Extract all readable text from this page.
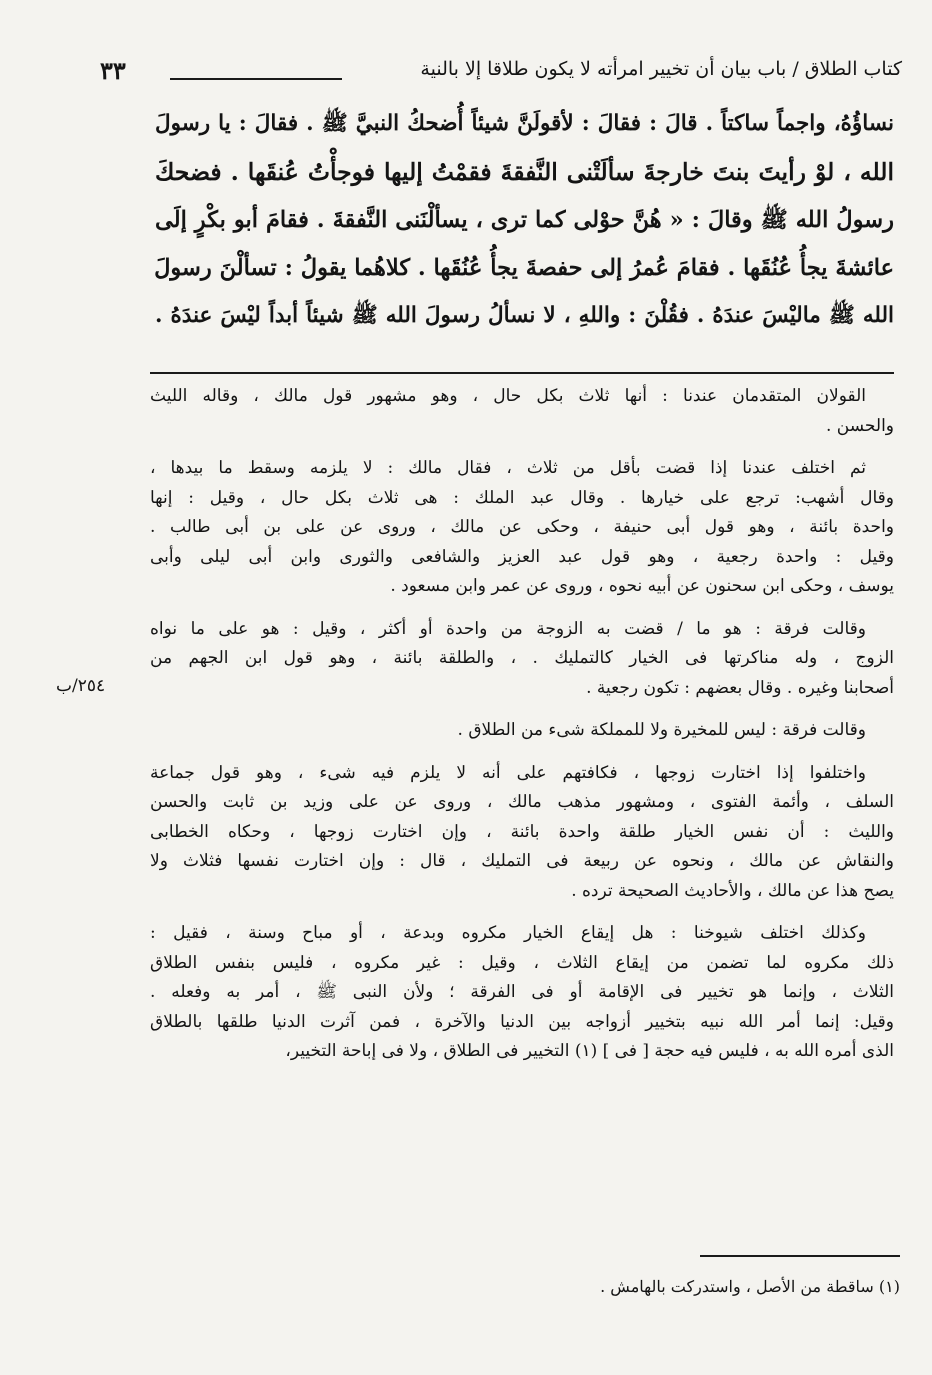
كتاب الطلاق / باب بيان أن تخيير امرأته لا يكون طلاقا إلا بالنية
٣٣
نساؤُهُ، واجماً ساكتاً . قالَ : فقالَ : لأقولَنَّ شيئاً أُضحكُ النبيَّ ﷺ . فقالَ : يا رسولَ
الله ، لوْ رأيتَ بنتَ خارجةَ سألَتْنى النَّفقةَ فقمْتُ إليها فوجأْتُ عُنقَها . فضحكَ
رسولُ الله ﷺ وقالَ : « هُنَّ حوْلى كما ترى ، يسألْنَنى النَّفقةَ . فقامَ أبو بكْرٍ إلَى
عائشةَ يجأُ عُنُقَها . فقامَ عُمرُ إلى حفصةَ يجأُ عُنُقَها . كلاهُما يقولُ : تسألْنَ رسولَ
الله ﷺ ماليْسَ عندَهُ . فقُلْنَ : واللهِ ، لا نسألُ رسولَ الله ﷺ شيئاً أبداً ليْسَ عندَهُ .
القولان المتقدمان عندنا : أنها ثلاث بكل حال ، وهو مشهور قول مالك ، وقاله الليث
والحسن .
ثم اختلف عندنا إذا قضت بأقل من ثلاث ، فقال مالك : لا يلزمه وسقط ما بيدها ،
وقال أشهب: ترجع على خيارها . وقال عبد الملك : هى ثلاث بكل حال ، وقيل : إنها
واحدة بائنة ، وهو قول أبى حنيفة ، وحكى عن مالك ، وروى عن على بن أبى طالب .
وقيل : واحدة رجعية ، وهو قول عبد العزيز والشافعى والثورى وابن أبى ليلى وأبى
يوسف ، وحكى ابن سحنون عن أبيه نحوه ، وروى عن عمر وابن مسعود .
وقالت فرقة : هو ما / قضت به الزوجة من واحدة أو أكثر ، وقيل : هو على ما نواه
الزوج ، وله مناكرتها فى الخيار كالتمليك . ، والطلقة بائنة ، وهو قول ابن الجهم من
أصحابنا وغيره . وقال بعضهم : تكون رجعية .
وقالت فرقة : ليس للمخيرة ولا للمملكة شىء من الطلاق .
واختلفوا إذا اختارت زوجها ، فكافتهم على أنه لا يلزم فيه شىء ، وهو قول جماعة
السلف ، وأئمة الفتوى ، ومشهور مذهب مالك ، وروى عن على وزيد بن ثابت والحسن
والليث : أن نفس الخيار طلقة واحدة بائنة ، وإن اختارت زوجها ، وحكاه الخطابى
والنقاش عن مالك ، ونحوه عن ربيعة فى التمليك ، قال : وإن اختارت نفسها فثلاث ولا
يصح هذا عن مالك ، والأحاديث الصحيحة ترده .
وكذلك اختلف شيوخنا : هل إيقاع الخيار مكروه وبدعة ، أو مباح وسنة ، فقيل :
ذلك مكروه لما تضمن من إيقاع الثلاث ، وقيل : غير مكروه ، فليس بنفس الطلاق
الثلاث ، وإنما هو تخيير فى الإقامة أو فى الفرقة ؛ ولأن النبى ﷺ ، أمر به وفعله .
وقيل: إنما أمر الله نبيه بتخيير أزواجه بين الدنيا والآخرة ، فمن آثرت الدنيا طلقها بالطلاق
الذى أمره الله به ، فليس فيه حجة [ فى ] (١) التخيير فى الطلاق ، ولا فى إباحة التخيير،
٢٥٤/ب
(١) ساقطة من الأصل ، واستدركت بالهامش .
